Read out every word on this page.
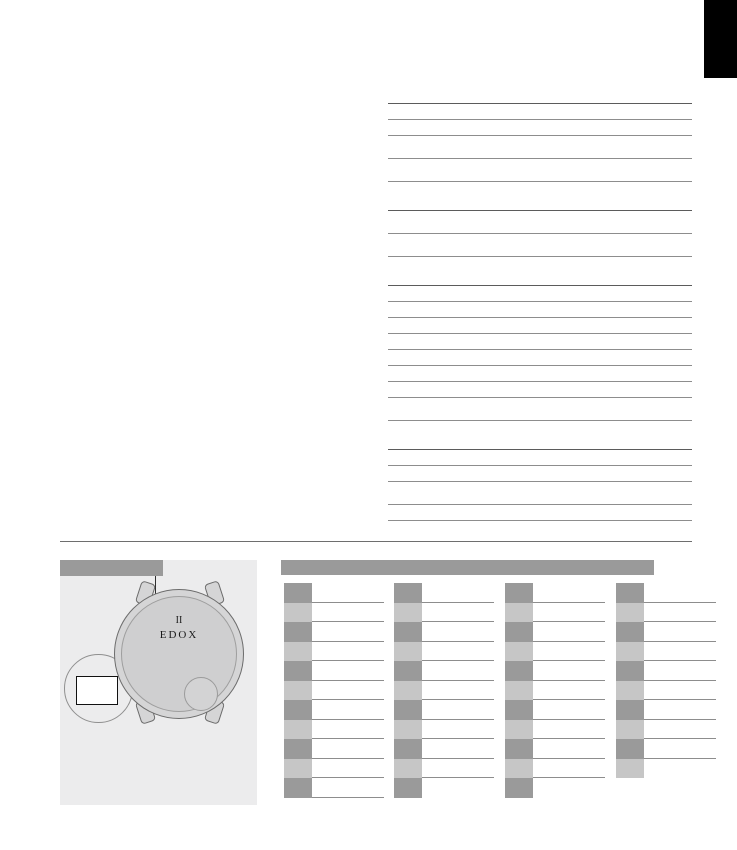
II
EDOX
